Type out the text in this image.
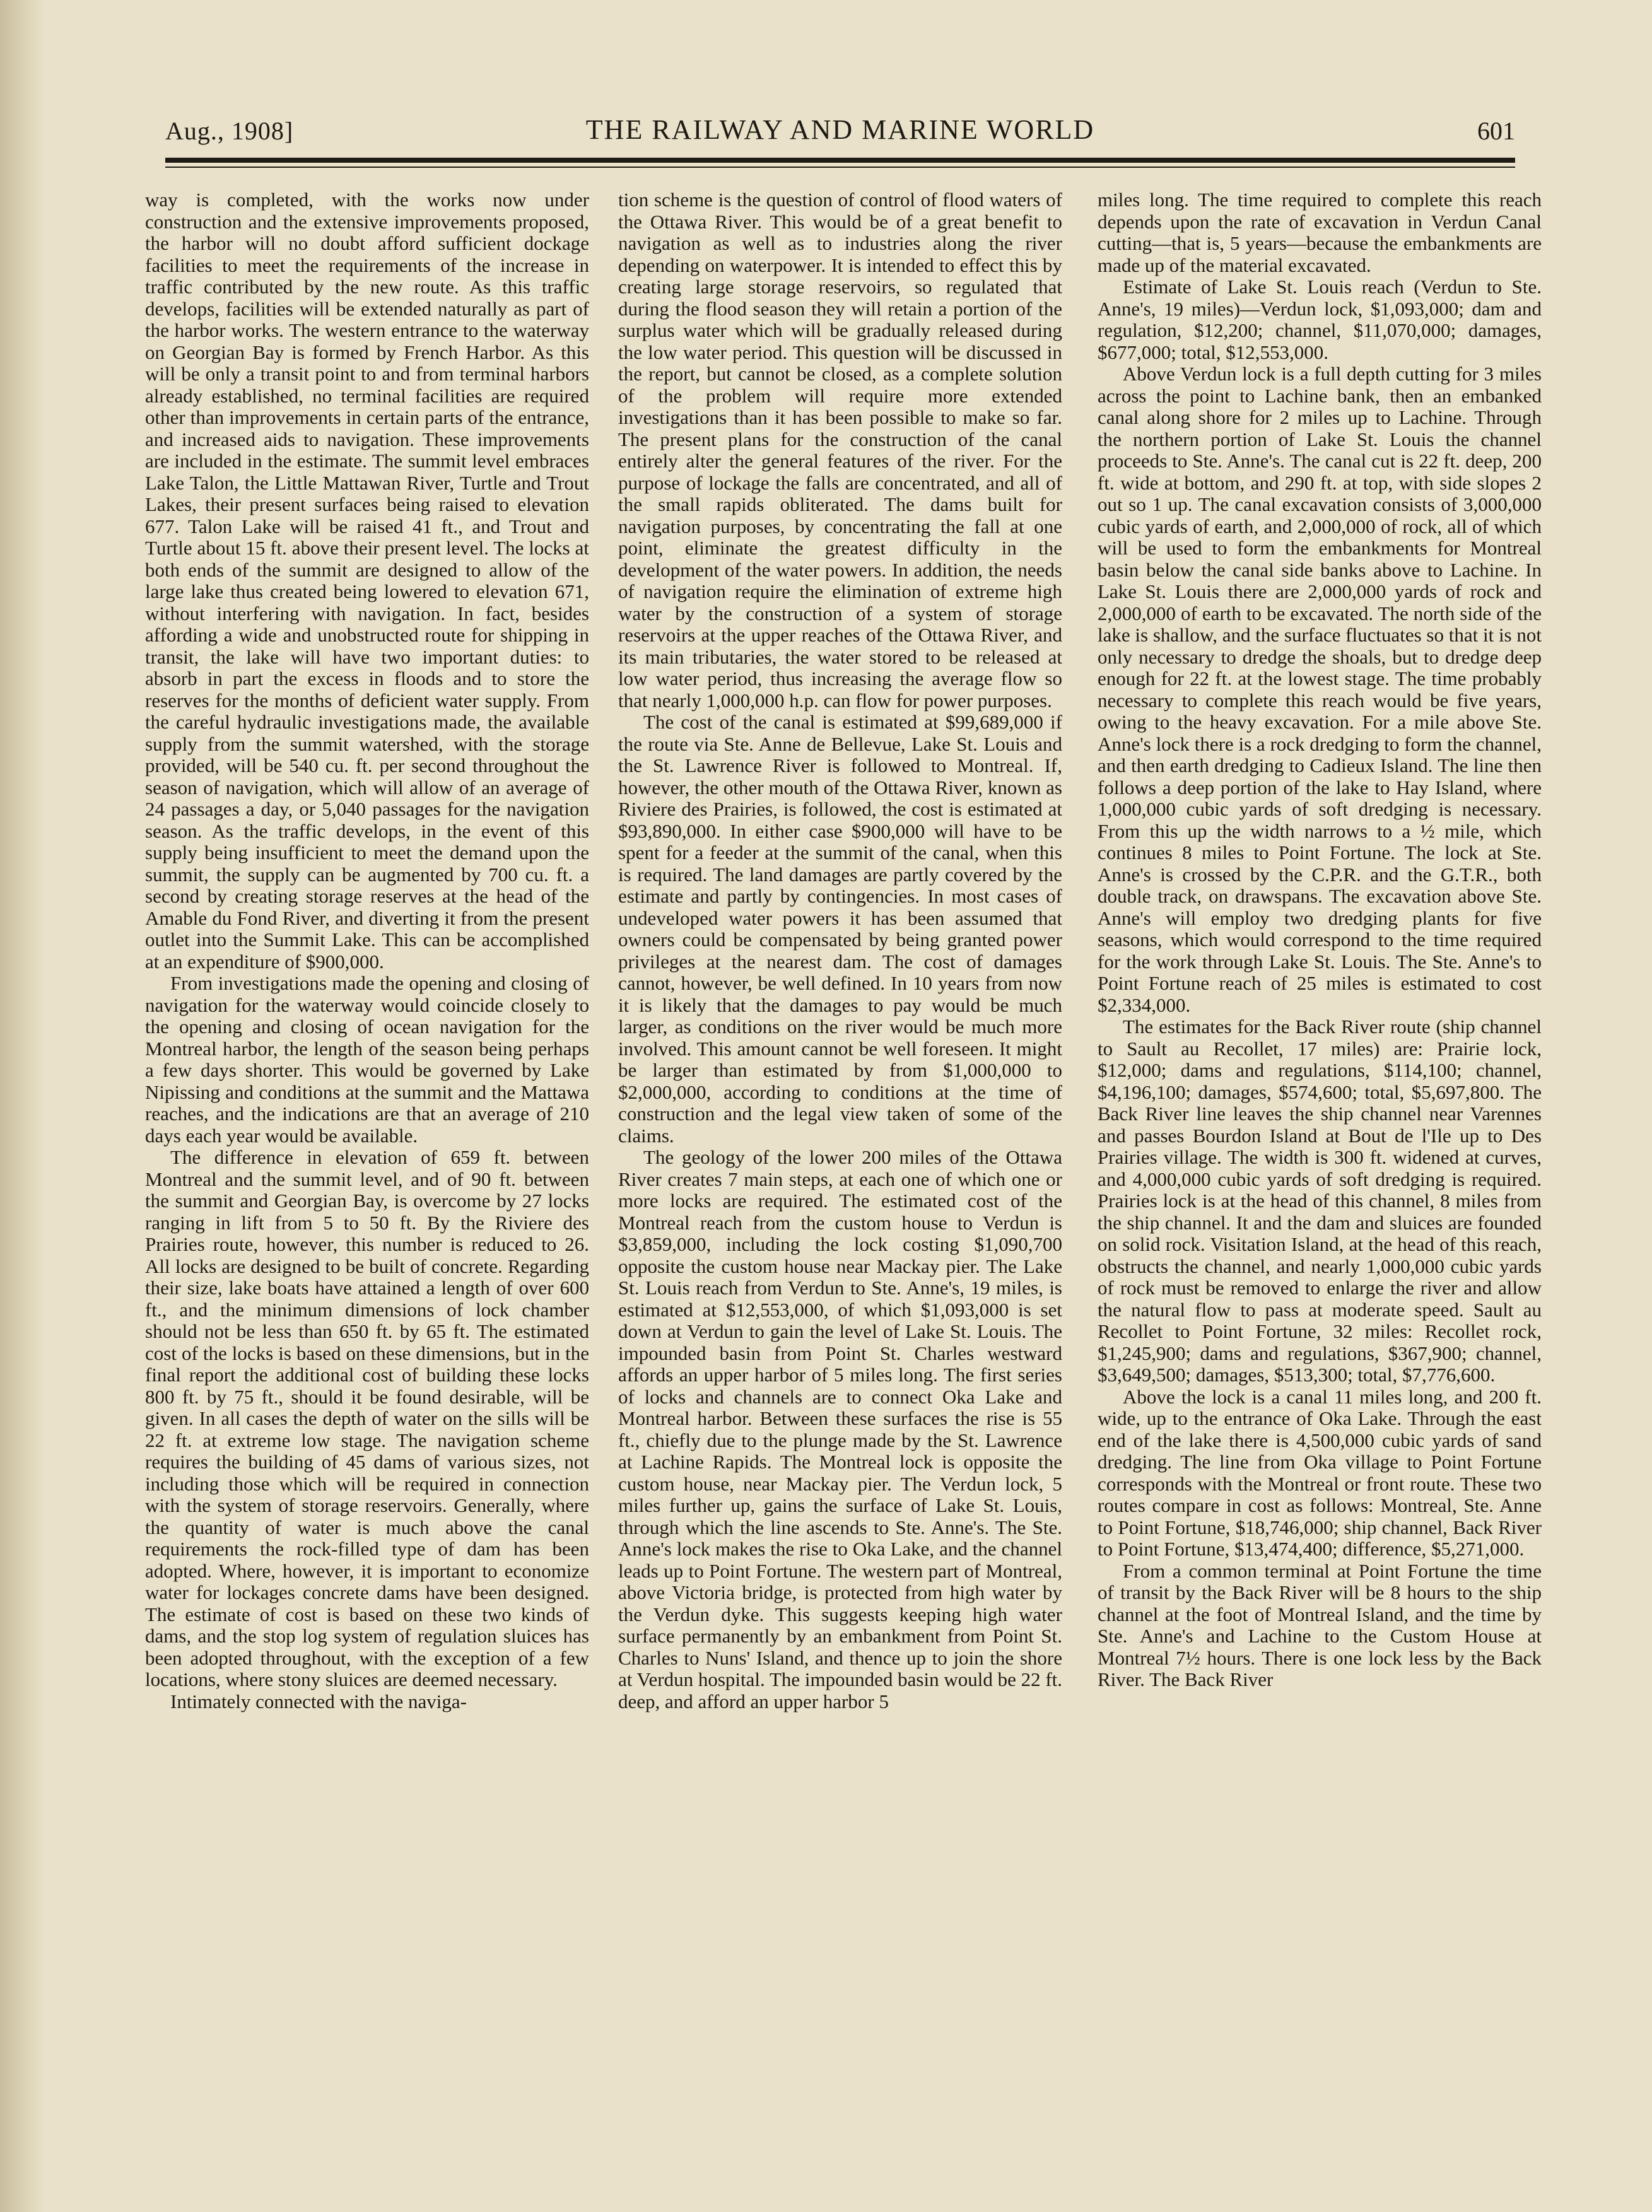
Aug., 1908]	THE RAILWAY AND MARINE WORLD	601

way is completed, with the works now under construction and the extensive improvements proposed, the harbor will no doubt afford sufficient dockage facilities to meet the requirements of the increase in traffic contributed by the new route. As this traffic develops, facilities will be extended naturally as part of the harbor works. The western entrance to the waterway on Georgian Bay is formed by French Harbor. As this will be only a transit point to and from terminal harbors already established, no terminal facilities are required other than improvements in certain parts of the entrance, and increased aids to navigation. These improvements are included in the estimate. The summit level embraces Lake Talon, the Little Mattawan River, Turtle and Trout Lakes, their present surfaces being raised to elevation 677. Talon Lake will be raised 41 ft., and Trout and Turtle about 15 ft. above their present level. The locks at both ends of the summit are designed to allow of the large lake thus created being lowered to elevation 671, without interfering with navigation. In fact, besides affording a wide and unobstructed route for shipping in transit, the lake will have two important duties: to absorb in part the excess in floods and to store the reserves for the months of deficient water supply. From the careful hydraulic investigations made, the available supply from the summit watershed, with the storage provided, will be 540 cu. ft. per second throughout the season of navigation, which will allow of an average of 24 passages a day, or 5,040 passages for the navigation season. As the traffic develops, in the event of this supply being insufficient to meet the demand upon the summit, the supply can be augmented by 700 cu. ft. a second by creating storage reserves at the head of the Amable du Fond River, and diverting it from the present outlet into the Summit Lake. This can be accomplished at an expenditure of $900,000.

From investigations made the opening and closing of navigation for the waterway would coincide closely to the opening and closing of ocean navigation for the Montreal harbor, the length of the season being perhaps a few days shorter. This would be governed by Lake Nipissing and conditions at the summit and the Mattawa reaches, and the indications are that an average of 210 days each year would be available.

The difference in elevation of 659 ft. between Montreal and the summit level, and of 90 ft. between the summit and Georgian Bay, is overcome by 27 locks ranging in lift from 5 to 50 ft. By the Riviere des Prairies route, however, this number is reduced to 26. All locks are designed to be built of concrete. Regarding their size, lake boats have attained a length of over 600 ft., and the minimum dimensions of lock chamber should not be less than 650 ft. by 65 ft. The estimated cost of the locks is based on these dimensions, but in the final report the additional cost of building these locks 800 ft. by 75 ft., should it be found desirable, will be given. In all cases the depth of water on the sills will be 22 ft. at extreme low stage. The navigation scheme requires the building of 45 dams of various sizes, not including those which will be required in connection with the system of storage reservoirs. Generally, where the quantity of water is much above the canal requirements the rock-filled type of dam has been adopted. Where, however, it is important to economize water for lockages concrete dams have been designed. The estimate of cost is based on these two kinds of dams, and the stop log system of regulation sluices has been adopted throughout, with the exception of a few locations, where stony sluices are deemed necessary.

Intimately connected with the naviga-

tion scheme is the question of control of flood waters of the Ottawa River. This would be of a great benefit to navigation as well as to industries along the river depending on waterpower. It is intended to effect this by creating large storage reservoirs, so regulated that during the flood season they will retain a portion of the surplus water which will be gradually released during the low water period. This question will be discussed in the report, but cannot be closed, as a complete solution of the problem will require more extended investigations than it has been possible to make so far. The present plans for the construction of the canal entirely alter the general features of the river. For the purpose of lockage the falls are concentrated, and all of the small rapids obliterated. The dams built for navigation purposes, by concentrating the fall at one point, eliminate the greatest difficulty in the development of the water powers. In addition, the needs of navigation require the elimination of extreme high water by the construction of a system of storage reservoirs at the upper reaches of the Ottawa River, and its main tributaries, the water stored to be released at low water period, thus increasing the average flow so that nearly 1,000,000 h.p. can flow for power purposes.

The cost of the canal is estimated at $99,689,000 if the route via Ste. Anne de Bellevue, Lake St. Louis and the St. Lawrence River is followed to Montreal. If, however, the other mouth of the Ottawa River, known as Riviere des Prairies, is followed, the cost is estimated at $93,890,000. In either case $900,000 will have to be spent for a feeder at the summit of the canal, when this is required. The land damages are partly covered by the estimate and partly by contingencies. In most cases of undeveloped water powers it has been assumed that owners could be compensated by being granted power privileges at the nearest dam. The cost of damages cannot, however, be well defined. In 10 years from now it is likely that the damages to pay would be much larger, as conditions on the river would be much more involved. This amount cannot be well foreseen. It might be larger than estimated by from $1,000,000 to $2,000,000, according to conditions at the time of construction and the legal view taken of some of the claims.

The geology of the lower 200 miles of the Ottawa River creates 7 main steps, at each one of which one or more locks are required. The estimated cost of the Montreal reach from the custom house to Verdun is $3,859,000, including the lock costing $1,090,700 opposite the custom house near Mackay pier. The Lake St. Louis reach from Verdun to Ste. Anne's, 19 miles, is estimated at $12,553,000, of which $1,093,000 is set down at Verdun to gain the level of Lake St. Louis. The impounded basin from Point St. Charles westward affords an upper harbor of 5 miles long. The first series of locks and channels are to connect Oka Lake and Montreal harbor. Between these surfaces the rise is 55 ft., chiefly due to the plunge made by the St. Lawrence at Lachine Rapids. The Montreal lock is opposite the custom house, near Mackay pier. The Verdun lock, 5 miles further up, gains the surface of Lake St. Louis, through which the line ascends to Ste. Anne's. The Ste. Anne's lock makes the rise to Oka Lake, and the channel leads up to Point Fortune. The western part of Montreal, above Victoria bridge, is protected from high water by the Verdun dyke. This suggests keeping high water surface permanently by an embankment from Point St. Charles to Nuns' Island, and thence up to join the shore at Verdun hospital. The impounded basin would be 22 ft. deep, and afford an upper harbor 5

miles long. The time required to complete this reach depends upon the rate of excavation in Verdun Canal cutting—that is, 5 years—because the embankments are made up of the material excavated.

Estimate of Lake St. Louis reach (Verdun to Ste. Anne's, 19 miles)—Verdun lock, $1,093,000; dam and regulation, $12,200; channel, $11,070,000; damages, $677,000; total, $12,553,000.

Above Verdun lock is a full depth cutting for 3 miles across the point to Lachine bank, then an embanked canal along shore for 2 miles up to Lachine. Through the northern portion of Lake St. Louis the channel proceeds to Ste. Anne's. The canal cut is 22 ft. deep, 200 ft. wide at bottom, and 290 ft. at top, with side slopes 2 out so 1 up. The canal excavation consists of 3,000,000 cubic yards of earth, and 2,000,000 of rock, all of which will be used to form the embankments for Montreal basin below the canal side banks above to Lachine. In Lake St. Louis there are 2,000,000 yards of rock and 2,000,000 of earth to be excavated. The north side of the lake is shallow, and the surface fluctuates so that it is not only necessary to dredge the shoals, but to dredge deep enough for 22 ft. at the lowest stage. The time probably necessary to complete this reach would be five years, owing to the heavy excavation. For a mile above Ste. Anne's lock there is a rock dredging to form the channel, and then earth dredging to Cadieux Island. The line then follows a deep portion of the lake to Hay Island, where 1,000,000 cubic yards of soft dredging is necessary. From this up the width narrows to a ½ mile, which continues 8 miles to Point Fortune. The lock at Ste. Anne's is crossed by the C.P.R. and the G.T.R., both double track, on drawspans. The excavation above Ste. Anne's will employ two dredging plants for five seasons, which would correspond to the time required for the work through Lake St. Louis. The Ste. Anne's to Point Fortune reach of 25 miles is estimated to cost $2,334,000.

The estimates for the Back River route (ship channel to Sault au Recollet, 17 miles) are: Prairie lock, $12,000; dams and regulations, $114,100; channel, $4,196,100; damages, $574,600; total, $5,697,800. The Back River line leaves the ship channel near Varennes and passes Bourdon Island at Bout de l'Ile up to Des Prairies village. The width is 300 ft. widened at curves, and 4,000,000 cubic yards of soft dredging is required. Prairies lock is at the head of this channel, 8 miles from the ship channel. It and the dam and sluices are founded on solid rock. Visitation Island, at the head of this reach, obstructs the channel, and nearly 1,000,000 cubic yards of rock must be removed to enlarge the river and allow the natural flow to pass at moderate speed. Sault au Recollet to Point Fortune, 32 miles: Recollet rock, $1,245,900; dams and regulations, $367,900; channel, $3,649,500; damages, $513,300; total, $7,776,600.

Above the lock is a canal 11 miles long, and 200 ft. wide, up to the entrance of Oka Lake. Through the east end of the lake there is 4,500,000 cubic yards of sand dredging. The line from Oka village to Point Fortune corresponds with the Montreal or front route. These two routes compare in cost as follows: Montreal, Ste. Anne to Point Fortune, $18,746,000; ship channel, Back River to Point Fortune, $13,474,400; difference, $5,271,000.

From a common terminal at Point Fortune the time of transit by the Back River will be 8 hours to the ship channel at the foot of Montreal Island, and the time by Ste. Anne's and Lachine to the Custom House at Montreal 7½ hours. There is one lock less by the Back River. The Back River
